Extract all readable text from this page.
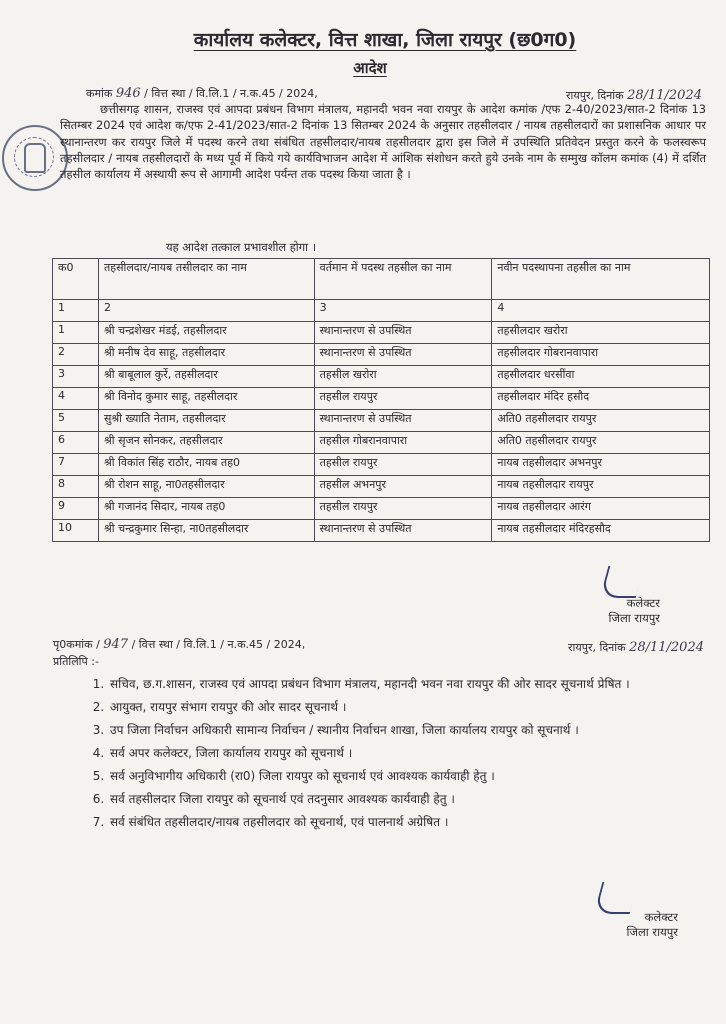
कार्यालय कलेक्टर, वित्त शाखा, जिला रायपुर (छ0ग0)
आदेश
कमांक 946 / वित्त स्था / वि.लि.1 / न.क.45 / 2024,	रायपुर, दिनांक 28/11/2024
छत्तीसगढ़ शासन, राजस्व एवं आपदा प्रबंधन विभाग मंत्रालय, महानदी भवन नवा रायपुर के आदेश कमांक /एफ 2-40/2023/सात-2 दिनांक 13 सितम्बर 2024 एवं आदेश क/एफ 2-41/2023/सात-2 दिनांक 13 सितम्बर 2024 के अनुसार तहसीलदार / नायब तहसीलदारों का प्रशासनिक आधार पर स्थानान्तरण कर रायपुर जिले में पदस्थ करने तथा संबंधित तहसीलदार/नायब तहसीलदार द्वारा इस जिले में उपस्थिति प्रतिवेदन प्रस्तुत करने के फलस्वरूप तहसीलदार / नायब तहसीलदारों के मध्य पूर्व में किये गये कार्यविभाजन आदेश में आंशिक संशोधन करते हुये उनके नाम के सम्मुख कॉलम कमांक (4) में दर्शित तहसील कार्यालय में अस्थायी रूप से आगामी आदेश पर्यन्त तक पदस्थ किया जाता है ।
यह आदेश तत्काल प्रभावशील होगा ।
क0	तहसीलदार/नायब तसीलदार का नाम	वर्तमान में पदस्थ तहसील का नाम	नवीन पदस्थापना तहसील का नाम
1	2	3	4
1	श्री चन्द्रशेखर मंडई, तहसीलदार	स्थानान्तरण से उपस्थित	तहसीलदार खरोरा
2	श्री मनीष देव साहू, तहसीलदार	स्थानान्तरण से उपस्थित	तहसीलदार गोबरानवापारा
3	श्री बाबूलाल कुर्रे, तहसीलदार	तहसील खरोरा	तहसीलदार धरसींवा
4	श्री विनोद कुमार साहू, तहसीलदार	तहसील रायपुर	तहसीलदार मंदिर हसौद
5	सुश्री ख्याति नेताम, तहसीलदार	स्थानान्तरण से उपस्थित	अति0 तहसीलदार रायपुर
6	श्री सृजन सोनकर, तहसीलदार	तहसील गोबरानवापारा	अति0 तहसीलदार रायपुर
7	श्री विकांत सिंह राठौर, नायब तह0	तहसील रायपुर	नायब तहसीलदार अभनपुर
8	श्री रोशन साहू, ना0तहसीलदार	तहसील अभनपुर	नायब तहसीलदार रायपुर
9	श्री गजानंद सिदार, नायब तह0	तहसील रायपुर	नायब तहसीलदार आरंग
10	श्री चन्द्रकुमार सिन्हा, ना0तहसीलदार	स्थानान्तरण से उपस्थित	नायब तहसीलदार मंदिरहसौद
कलेक्टर
जिला रायपुर
पृ0कमांक / 947 / वित्त स्था / वि.लि.1 / न.क.45 / 2024,	रायपुर, दिनांक 28/11/2024
प्रतिलिपि :-
1. सचिव, छ.ग.शासन, राजस्व एवं आपदा प्रबंधन विभाग मंत्रालय, महानदी भवन नवा रायपुर की ओर सादर सूचनार्थ प्रेषित ।
2. आयुक्त, रायपुर संभाग रायपुर की ओर सादर सूचनार्थ ।
3. उप जिला निर्वाचन अधिकारी सामान्य निर्वाचन / स्थानीय निर्वाचन शाखा, जिला कार्यालय रायपुर को सूचनार्थ ।
4. सर्व अपर कलेक्टर, जिला कार्यालय रायपुर को सूचनार्थ ।
5. सर्व अनुविभागीय अधिकारी (रा0) जिला रायपुर को सूचनार्थ एवं आवश्यक कार्यवाही हेतु ।
6. सर्व तहसीलदार जिला रायपुर को सूचनार्थ एवं तदनुसार आवश्यक कार्यवाही हेतु ।
7. सर्व संबंधित तहसीलदार/नायब तहसीलदार को सूचनार्थ, एवं पालनार्थ अग्रेषित ।
कलेक्टर
जिला रायपुर
